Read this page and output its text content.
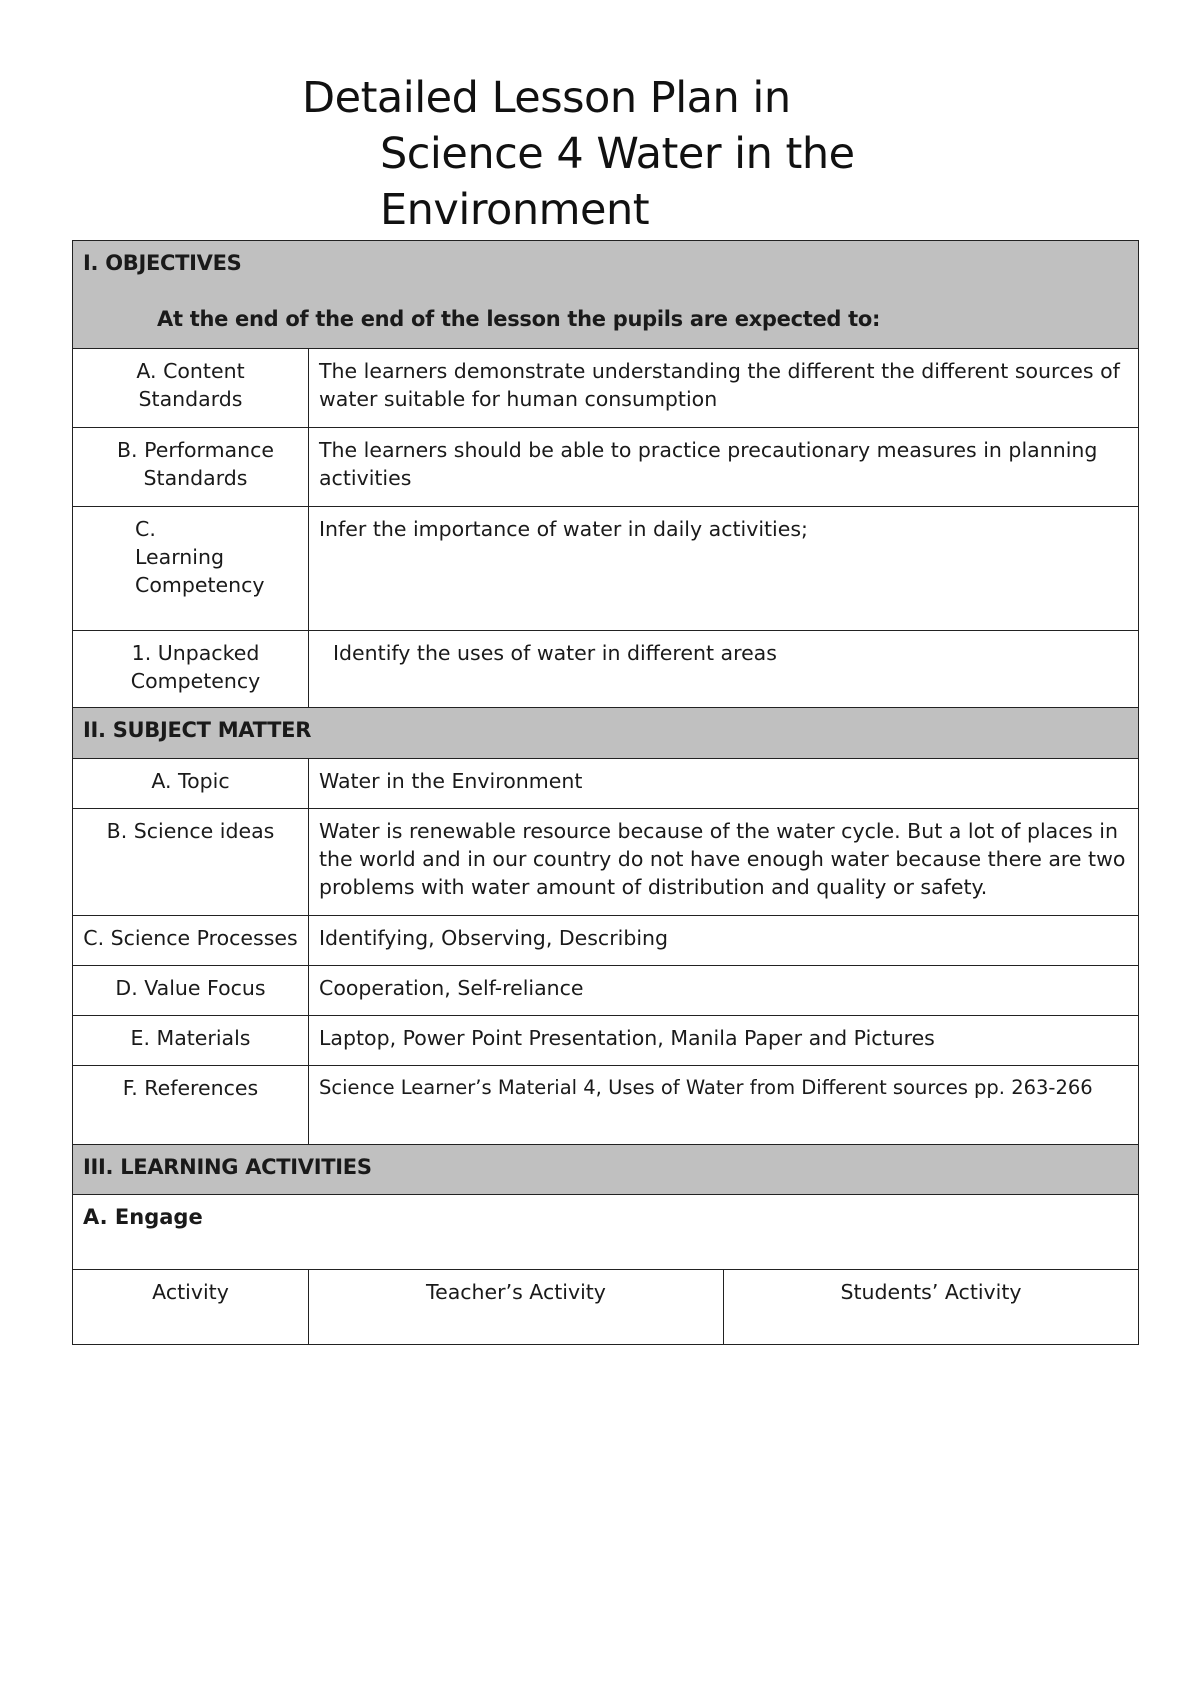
Detailed Lesson Plan in
Science 4 Water in the
Environment
I. OBJECTIVES
At the end of the end of the lesson the pupils are expected to:		

A. Content Standards	The learners demonstrate understanding the different the different sources of water suitable for human consumption	
B. Performance Standards	The learners should be able to practice precautionary measures in planning activities	
C. Learning Competency	Infer the importance of water in daily activities;	
1. Unpacked Competency	Identify the uses of water in different areas	
II. SUBJECT MATTER		
A. Topic	Water in the Environment	
B. Science ideas	Water is renewable resource because of the water cycle. But a lot of places in the world and in our country do not have enough water because there are two problems with water amount of distribution and quality or safety.	
C. Science Processes	Identifying, Observing, Describing	
D. Value Focus	Cooperation, Self-reliance	
E. Materials	Laptop, Power Point Presentation, Manila Paper and Pictures	
F. References	Science Learner’s Material 4, Uses of Water from Different sources pp. 263-266	
III. LEARNING ACTIVITIES		
A. Engage		
Activity	Teacher’s Activity	Students’ Activity
